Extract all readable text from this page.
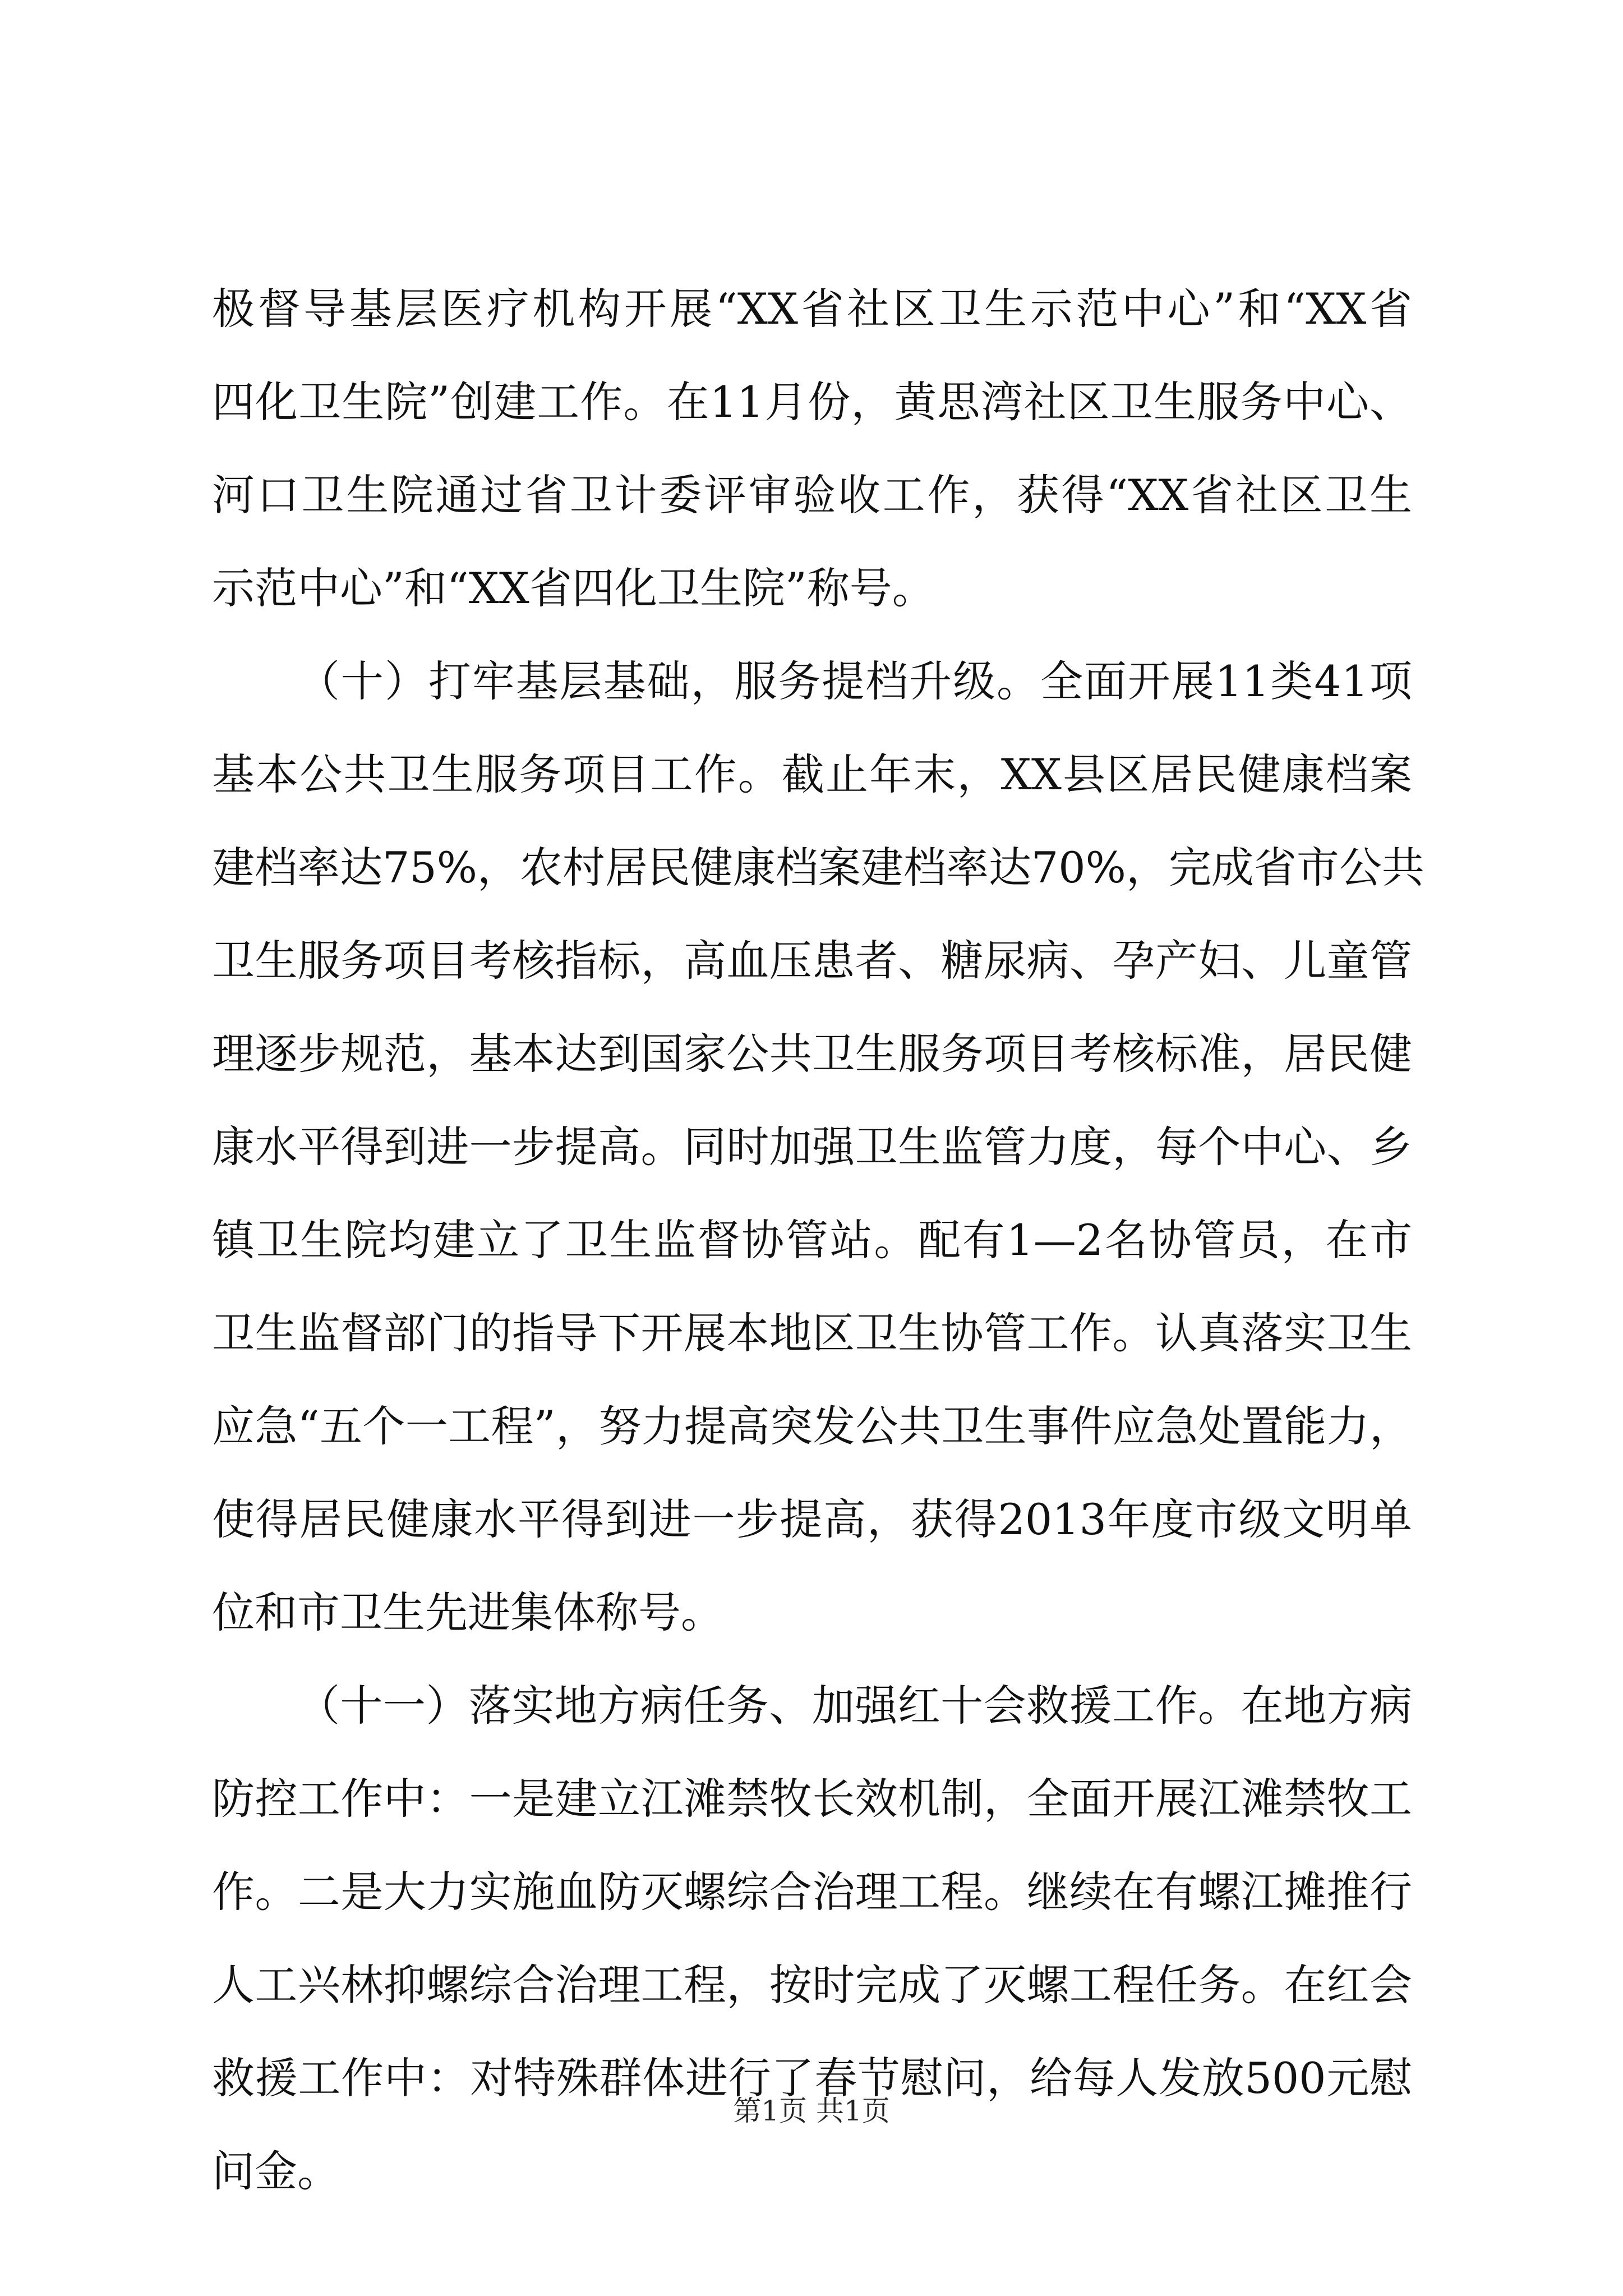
极督导基层医疗机构开展“XX省社区卫生示范中心”和“XX省
四化卫生院”创建工作。在11月份，黄思湾社区卫生服务中心、
河口卫生院通过省卫计委评审验收工作，获得“XX省社区卫生
示范中心”和“XX省四化卫生院”称号。
（十）打牢基层基础，服务提档升级。全面开展11类41项
基本公共卫生服务项目工作。截止年末，XX县区居民健康档案
建档率达75%，农村居民健康档案建档率达70%，完成省市公共
卫生服务项目考核指标，高血压患者、糖尿病、孕产妇、儿童管
理逐步规范，基本达到国家公共卫生服务项目考核标准，居民健
康水平得到进一步提高。同时加强卫生监管力度，每个中心、乡
镇卫生院均建立了卫生监督协管站。配有1—2名协管员，在市
卫生监督部门的指导下开展本地区卫生协管工作。认真落实卫生
应急“五个一工程”，努力提高突发公共卫生事件应急处置能力，
使得居民健康水平得到进一步提高，获得2013年度市级文明单
位和市卫生先进集体称号。
（十一）落实地方病任务、加强红十会救援工作。在地方病
防控工作中：一是建立江滩禁牧长效机制，全面开展江滩禁牧工
作。二是大力实施血防灭螺综合治理工程。继续在有螺江摊推行
人工兴林抑螺综合治理工程，按时完成了灭螺工程任务。在红会
救援工作中：对特殊群体进行了春节慰问，给每人发放500元慰
问金。
第1页 共1页
